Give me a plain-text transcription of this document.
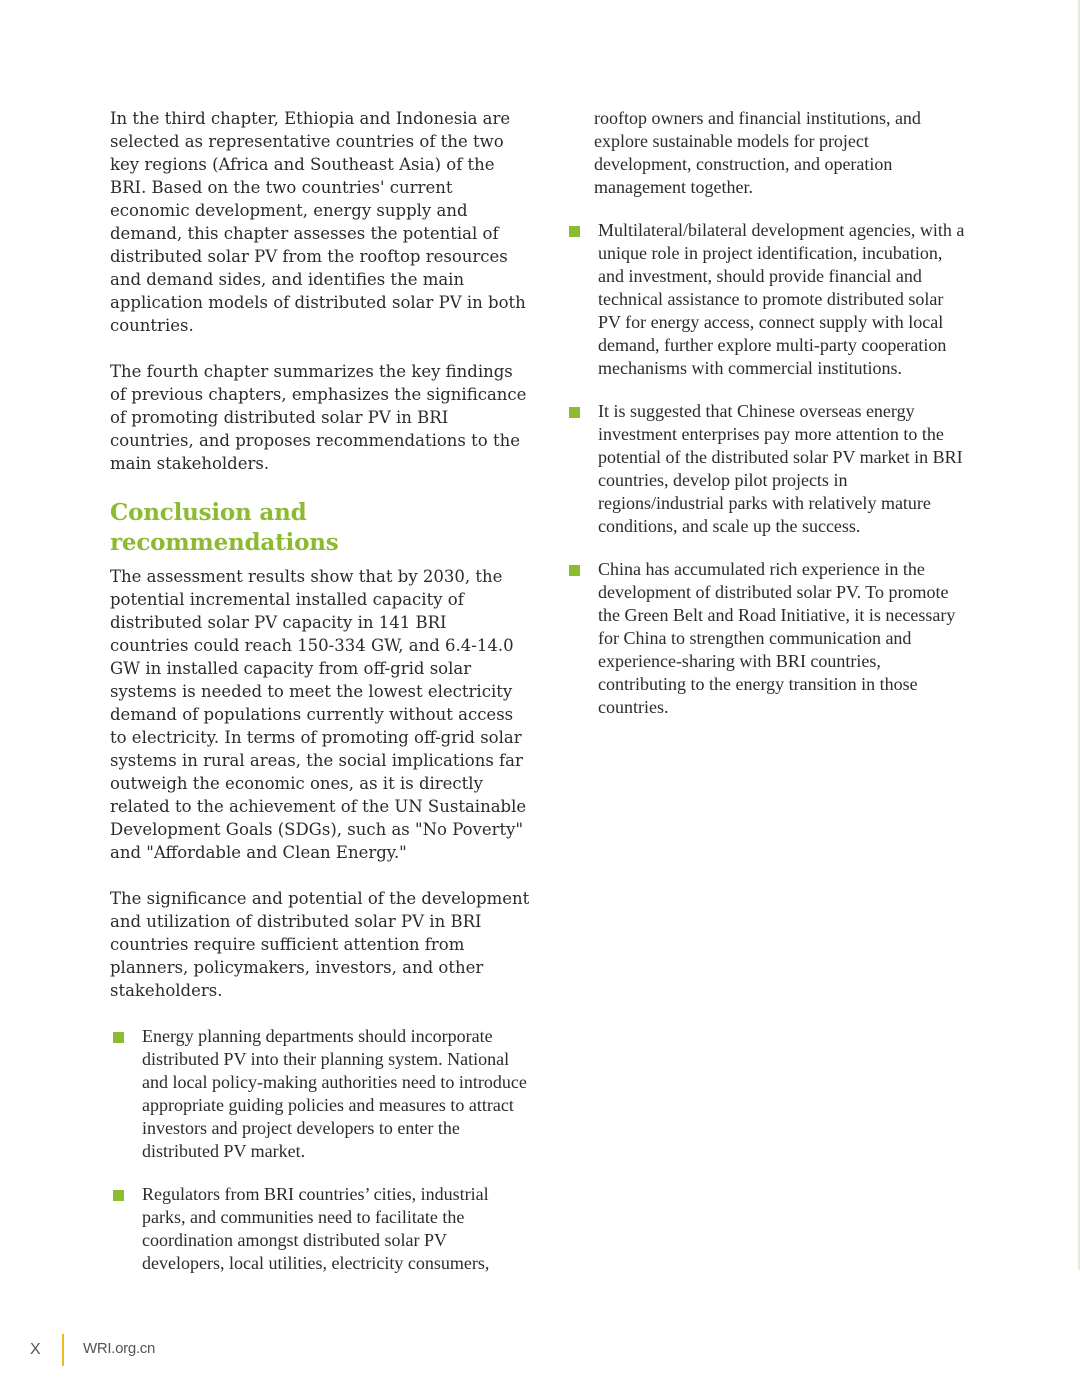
In the third chapter, Ethiopia and Indonesia are selected as representative countries of the two key regions (Africa and Southeast Asia) of the BRI. Based on the two countries' current economic development, energy supply and demand, this chapter assesses the potential of distributed solar PV from the rooftop resources and demand sides, and identifies the main application models of distributed solar PV in both countries.

The fourth chapter summarizes the key findings of previous chapters, emphasizes the significance of promoting distributed solar PV in BRI countries, and proposes recommendations to the main stakeholders.

Conclusion and recommendations

The assessment results show that by 2030, the potential incremental installed capacity of distributed solar PV capacity in 141 BRI countries could reach 150-334 GW, and 6.4-14.0 GW in installed capacity from off-grid solar systems is needed to meet the lowest electricity demand of populations currently without access to electricity. In terms of promoting off-grid solar systems in rural areas, the social implications far outweigh the economic ones, as it is directly related to the achievement of the UN Sustainable Development Goals (SDGs), such as "No Poverty" and "Affordable and Clean Energy."

The significance and potential of the development and utilization of distributed solar PV in BRI countries require sufficient attention from planners, policymakers, investors, and other stakeholders.

Energy planning departments should incorporate distributed PV into their planning system. National and local policy-making authorities need to introduce appropriate guiding policies and measures to attract investors and project developers to enter the distributed PV market.

Regulators from BRI countries’ cities, industrial parks, and communities need to facilitate the coordination amongst distributed solar PV developers, local utilities, electricity consumers,

rooftop owners and financial institutions, and explore sustainable models for project development, construction, and operation management together.

Multilateral/bilateral development agencies, with a unique role in project identification, incubation, and investment, should provide financial and technical assistance to promote distributed solar PV for energy access, connect supply with local demand, further explore multi-party cooperation mechanisms with commercial institutions.

It is suggested that Chinese overseas energy investment enterprises pay more attention to the potential of the distributed solar PV market in BRI countries, develop pilot projects in regions/industrial parks with relatively mature conditions, and scale up the success.

China has accumulated rich experience in the development of distributed solar PV. To promote the Green Belt and Road Initiative, it is necessary for China to strengthen communication and experience-sharing with BRI countries, contributing to the energy transition in those countries.

X	WRI.org.cn
